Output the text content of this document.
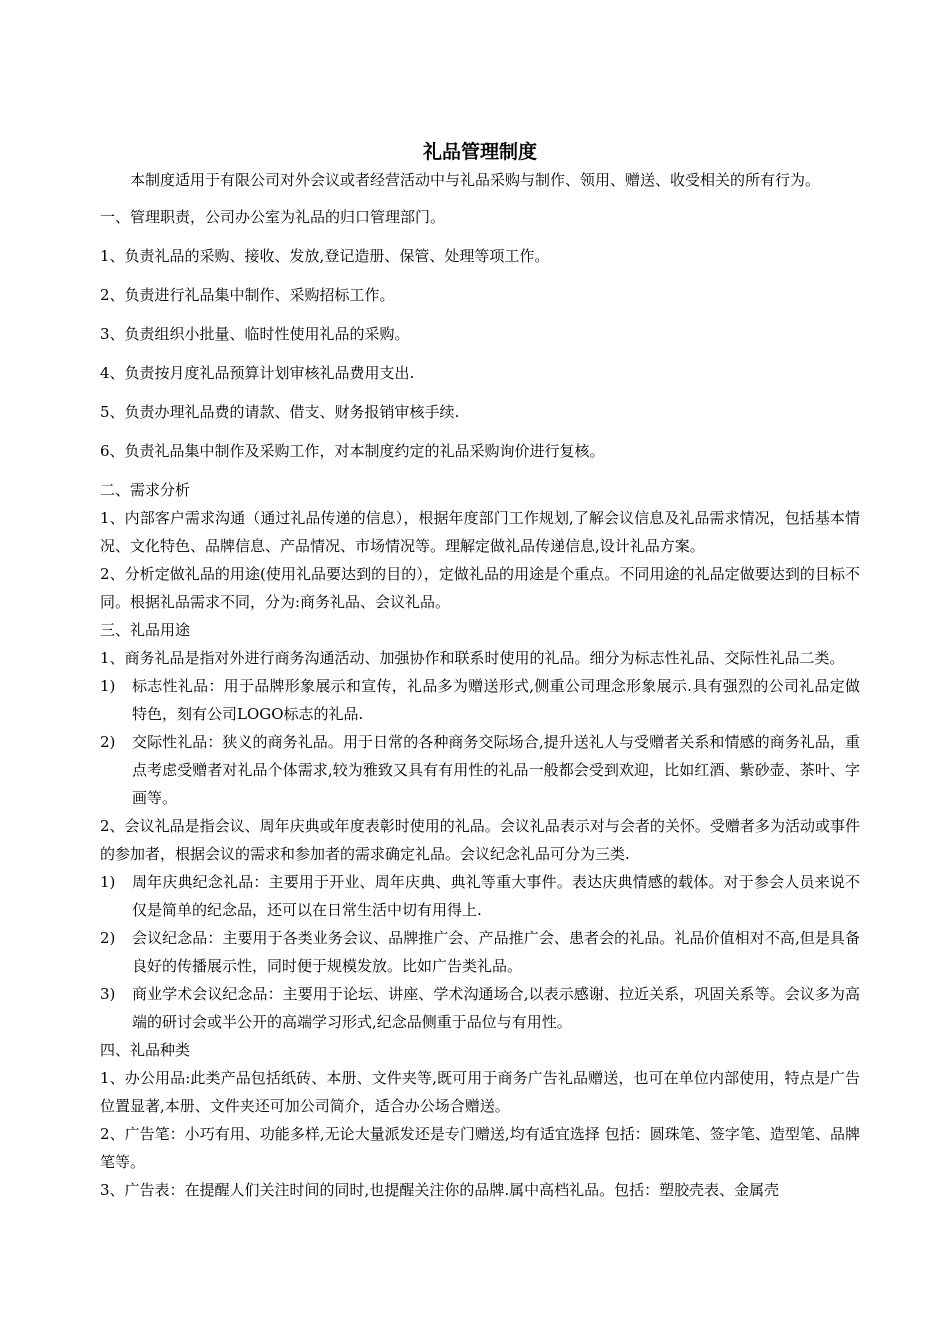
礼品管理制度

本制度适用于有限公司对外会议或者经营活动中与礼品采购与制作、领用、赠送、收受相关的所有行为。

一、管理职责，公司办公室为礼品的归口管理部门。

1、负责礼品的采购、接收、发放,登记造册、保管、处理等项工作。

2、负责进行礼品集中制作、采购招标工作。

3、负责组织小批量、临时性使用礼品的采购。

4、负责按月度礼品预算计划审核礼品费用支出.

5、负责办理礼品费的请款、借支、财务报销审核手续.

6、负责礼品集中制作及采购工作，对本制度约定的礼品采购询价进行复核。

二、需求分析

1、内部客户需求沟通（通过礼品传递的信息），根据年度部门工作规划,了解会议信息及礼品需求情况，包括基本情况、文化特色、品牌信息、产品情况、市场情况等。理解定做礼品传递信息,设计礼品方案。

2、分析定做礼品的用途(使用礼品要达到的目的），定做礼品的用途是个重点。不同用途的礼品定做要达到的目标不同。根据礼品需求不同，分为:商务礼品、会议礼品。

三、礼品用途

1、商务礼品是指对外进行商务沟通活动、加强协作和联系时使用的礼品。细分为标志性礼品、交际性礼品二类。

1)	标志性礼品：用于品牌形象展示和宣传，礼品多为赠送形式,侧重公司理念形象展示.具有强烈的公司礼品定做特色，刻有公司LOGO标志的礼品.
2)	交际性礼品：狭义的商务礼品。用于日常的各种商务交际场合,提升送礼人与受赠者关系和情感的商务礼品，重点考虑受赠者对礼品个体需求,较为雅致又具有有用性的礼品一般都会受到欢迎，比如红酒、紫砂壶、茶叶、字画等。

2、会议礼品是指会议、周年庆典或年度表彰时使用的礼品。会议礼品表示对与会者的关怀。受赠者多为活动或事件的参加者，根据会议的需求和参加者的需求确定礼品。会议纪念礼品可分为三类.

1)	周年庆典纪念礼品：主要用于开业、周年庆典、典礼等重大事件。表达庆典情感的载体。对于参会人员来说不仅是简单的纪念品，还可以在日常生活中切有用得上.
2)	会议纪念品：主要用于各类业务会议、品牌推广会、产品推广会、患者会的礼品。礼品价值相对不高,但是具备良好的传播展示性，同时便于规模发放。比如广告类礼品。
3)	商业学术会议纪念品：主要用于论坛、讲座、学术沟通场合,以表示感谢、拉近关系，巩固关系等。会议多为高端的研讨会或半公开的高端学习形式,纪念品侧重于品位与有用性。

四、礼品种类

1、办公用品:此类产品包括纸砖、本册、文件夹等,既可用于商务广告礼品赠送，也可在单位内部使用，特点是广告位置显著,本册、文件夹还可加公司简介，适合办公场合赠送。

2、广告笔：小巧有用、功能多样,无论大量派发还是专门赠送,均有适宜选择 包括：圆珠笔、签字笔、造型笔、品牌笔等。

3、广告表：在提醒人们关注时间的同时,也提醒关注你的品牌.属中高档礼品。包括：塑胶壳表、金属壳
